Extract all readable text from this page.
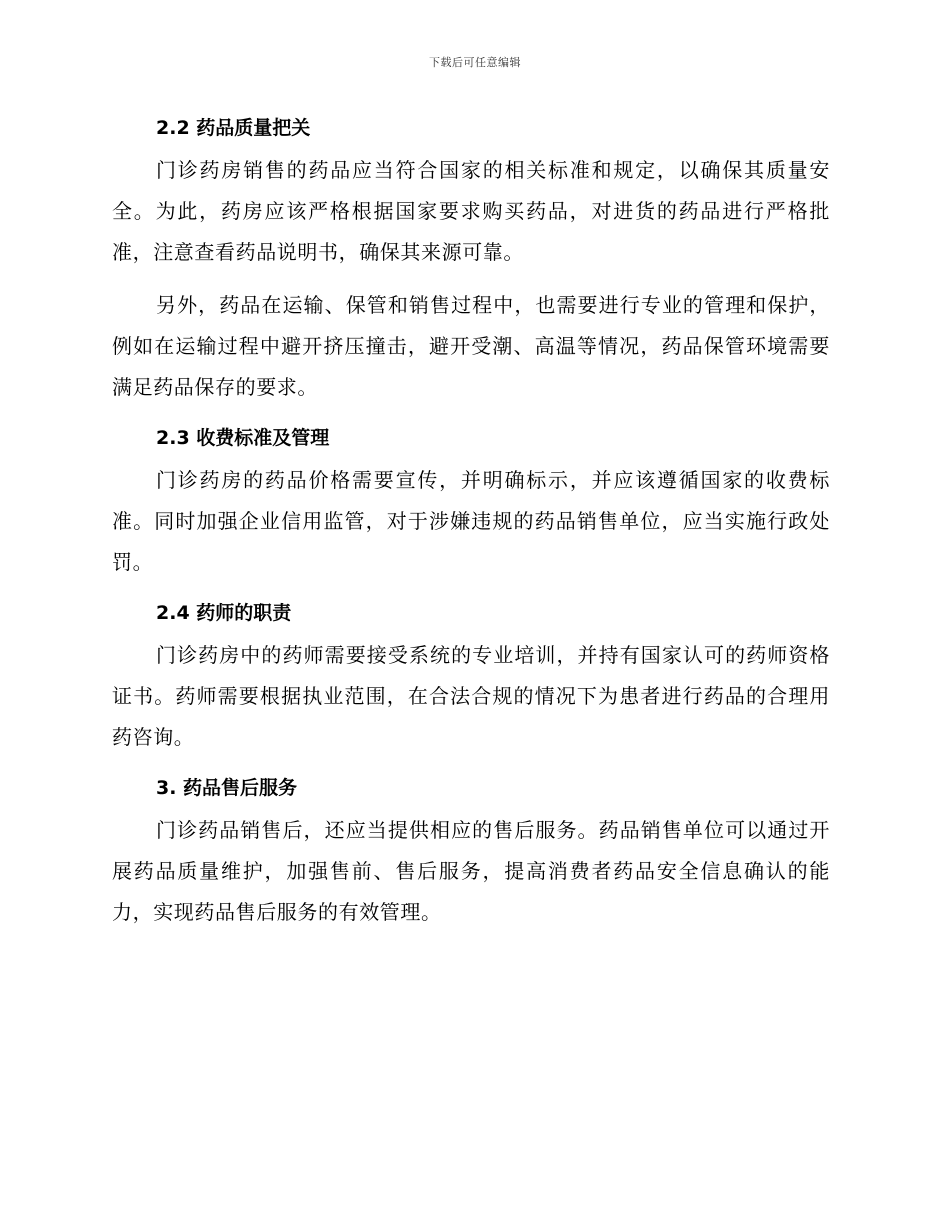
下载后可任意编辑
2.2 药品质量把关

门诊药房销售的药品应当符合国家的相关标准和规定，以确保其质量安全。为此，药房应该严格根据国家要求购买药品，对进货的药品进行严格批准，注意查看药品说明书，确保其来源可靠。

另外，药品在运输、保管和销售过程中，也需要进行专业的管理和保护，例如在运输过程中避开挤压撞击，避开受潮、高温等情况，药品保管环境需要满足药品保存的要求。

2.3 收费标准及管理

门诊药房的药品价格需要宣传，并明确标示，并应该遵循国家的收费标准。同时加强企业信用监管，对于涉嫌违规的药品销售单位，应当实施行政处罚。

2.4 药师的职责

门诊药房中的药师需要接受系统的专业培训，并持有国家认可的药师资格证书。药师需要根据执业范围，在合法合规的情况下为患者进行药品的合理用药咨询。

3. 药品售后服务

门诊药品销售后，还应当提供相应的售后服务。药品销售单位可以通过开展药品质量维护，加强售前、售后服务，提高消费者药品安全信息确认的能力，实现药品售后服务的有效管理。
